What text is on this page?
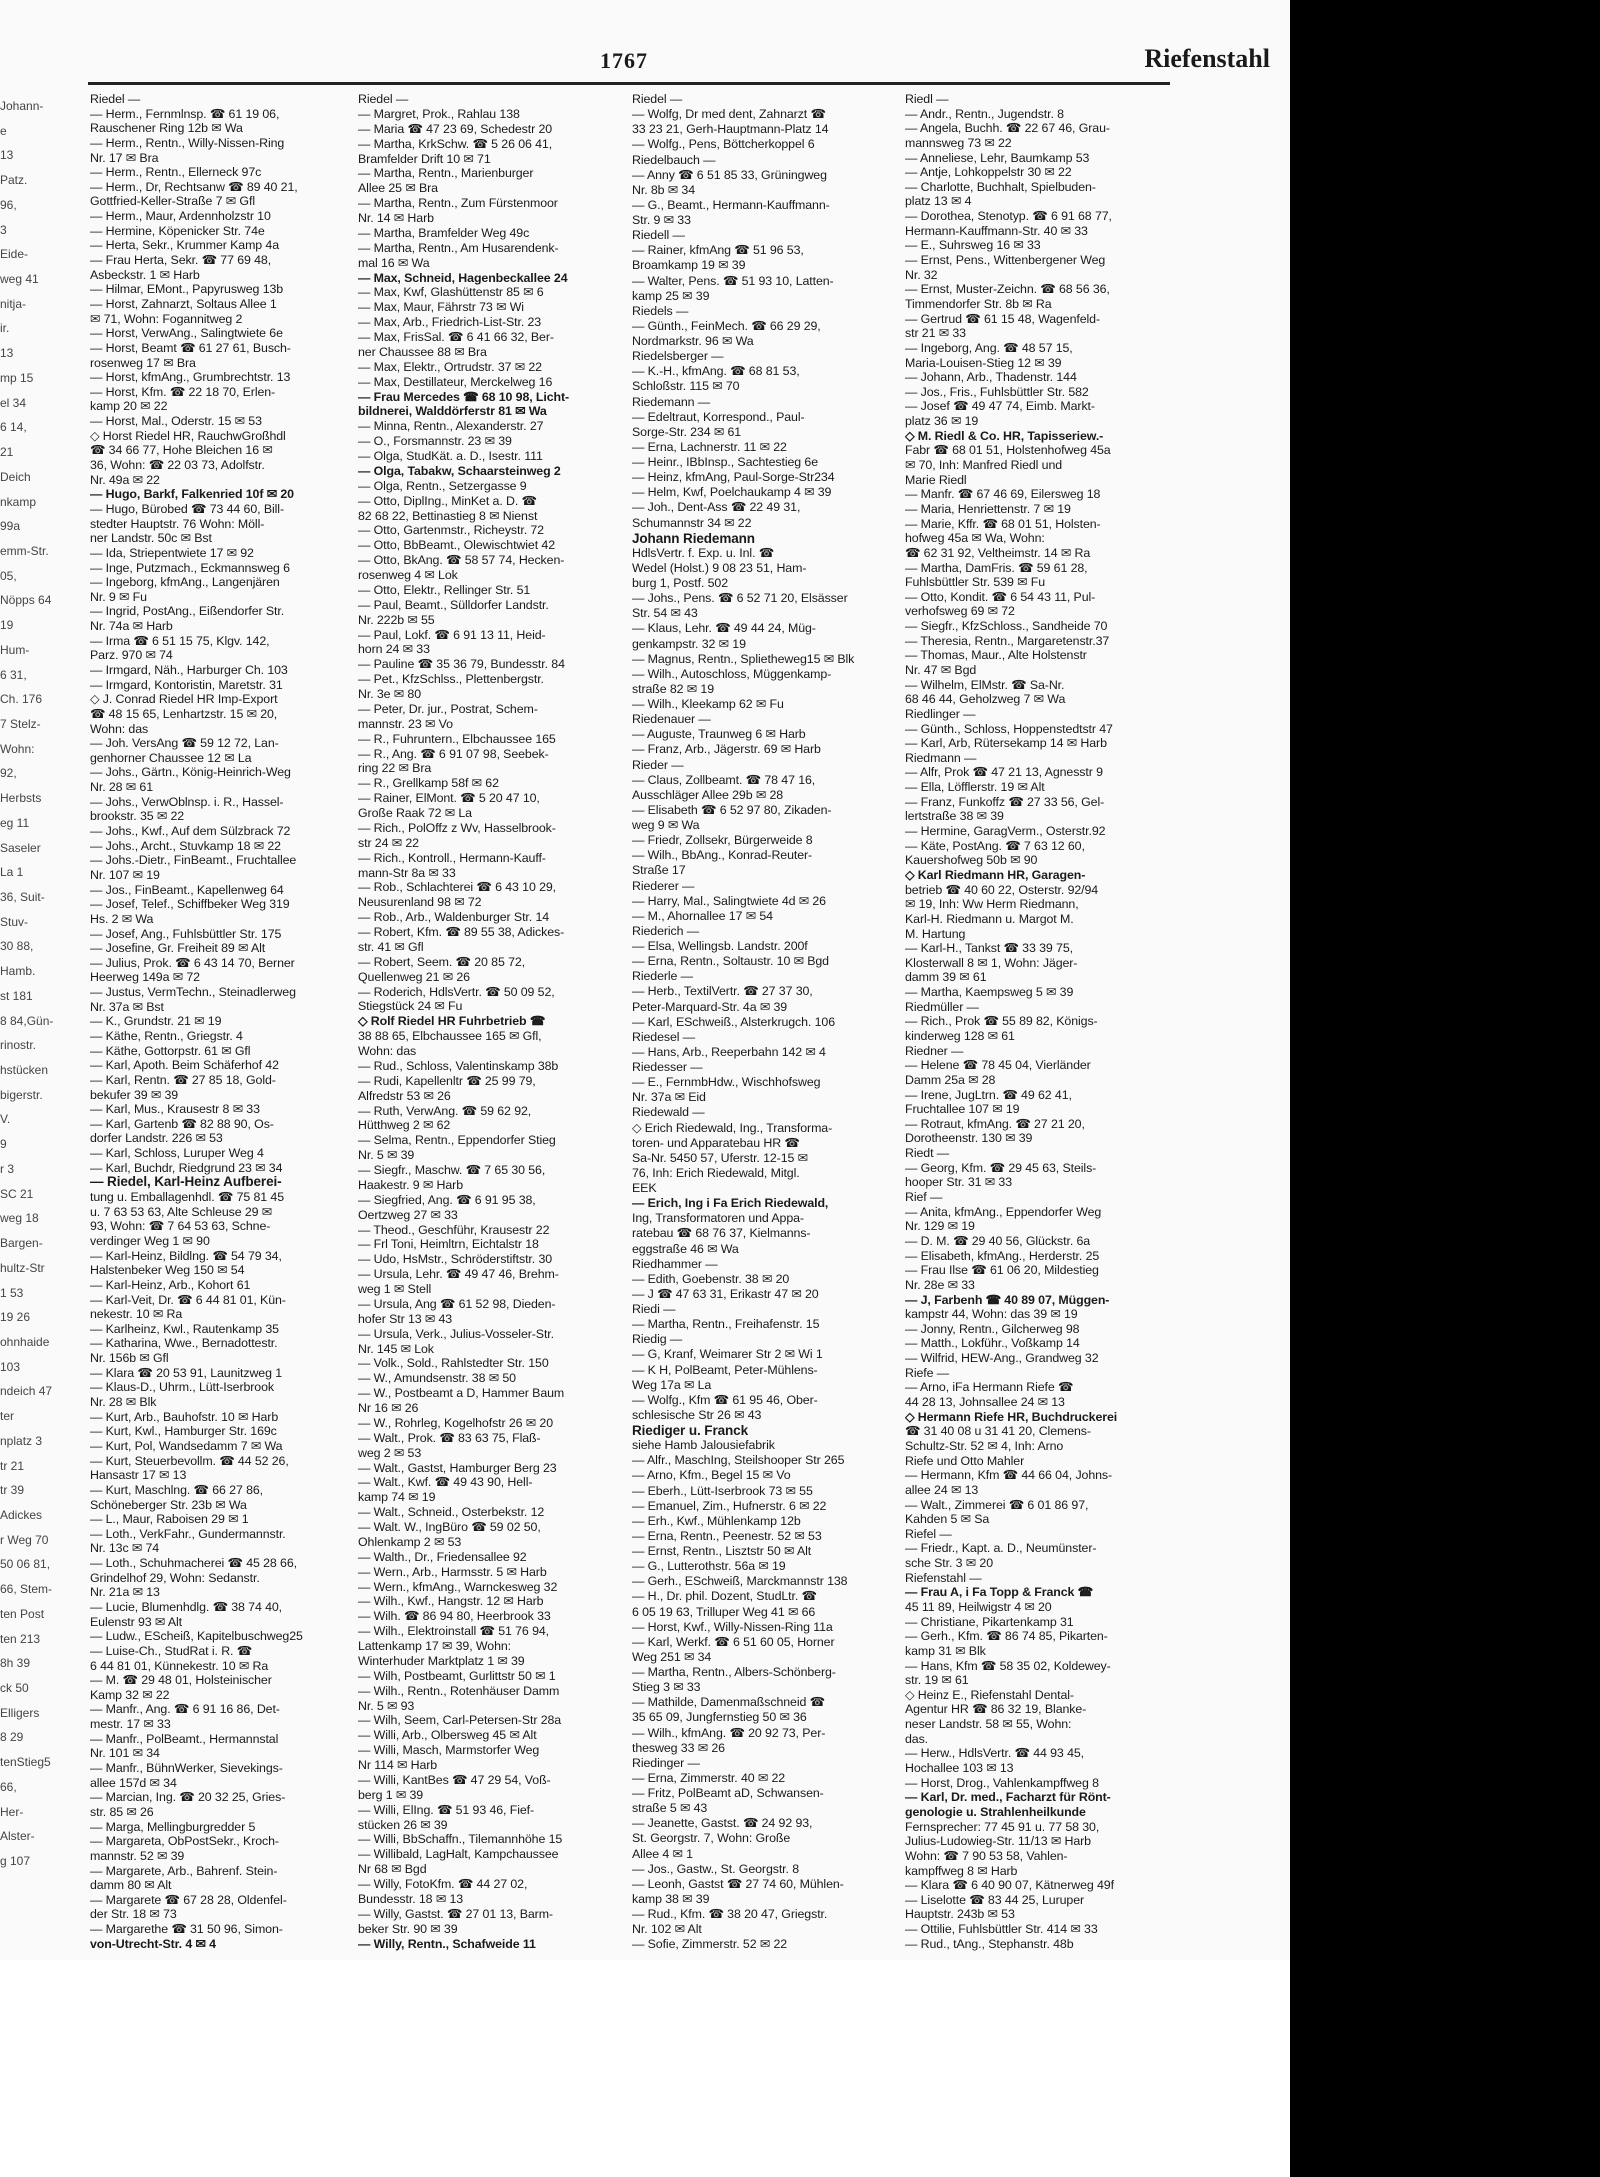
1767	Riefenstahl
Johann-
e
13
Patz.
96,
3
Eide-
weg 41
nitja-
ir.
13
mp 15
el 34
6 14,
21
Deich
nkamp
99a
emm-Str.
05,
Nöpps 64
19
Hum-
6 31,
Ch. 176
7 Stelz-
Wohn:
92,
Herbsts
eg 11
Saseler
La 1
36, Suit-
Stuv-
30 88,
Hamb.
st 181
8 84,Gün-
rinostr.
hstücken
bigerstr.
V.
9
r 3
SC 21
weg 18
Bargen-
hultz-Str
1 53
19 26
ohnhaide
103
ndeich 47
ter
nplatz 3
tr 21
tr 39
Adickes
r Weg 70
50 06 81,
66, Stem-
ten Post
ten 213
8h 39
ck 50
Elligers
8 29
tenStieg5
66,
Her-
Alster-
g 107
Riedel —
— Herm., Fernmlnsp. ☎ 61 19 06,
Rauschener Ring 12b ✉ Wa
— Herm., Rentn., Willy-Nissen-Ring
Nr. 17 ✉ Bra
— Herm., Rentn., Ellerneck 97c
— Herm., Dr, Rechtsanw ☎ 89 40 21,
Gottfried-Keller-Straße 7 ✉ Gfl
— Herm., Maur, Ardennholzstr 10
— Hermine, Köpenicker Str. 74e
— Herta, Sekr., Krummer Kamp 4a
— Frau Herta, Sekr. ☎ 77 69 48,
Asbeckstr. 1 ✉ Harb
— Hilmar, EMont., Papyrusweg 13b
— Horst, Zahnarzt, Soltaus Allee 1
✉ 71, Wohn: Fogannitweg 2
— Horst, VerwAng., Salingtwiete 6e
— Horst, Beamt ☎ 61 27 61, Busch-
rosenweg 17 ✉ Bra
— Horst, kfmAng., Grumbrechtstr. 13
— Horst, Kfm. ☎ 22 18 70, Erlen-
kamp 20 ✉ 22
— Horst, Mal., Oderstr. 15 ✉ 53
◇ Horst Riedel HR, RauchwGroßhdl
☎ 34 66 77, Hohe Bleichen 16 ✉
36, Wohn: ☎ 22 03 73, Adolfstr.
Nr. 49a ✉ 22
— Hugo, Barkf, Falkenried 10f ✉ 20
— Hugo, Bürobed ☎ 73 44 60, Bill-
stedter Hauptstr. 76 Wohn: Möll-
ner Landstr. 50c ✉ Bst
— Ida, Striepentwiete 17 ✉ 92
— Inge, Putzmach., Eckmannsweg 6
— Ingeborg, kfmAng., Langenjären
Nr. 9 ✉ Fu
— Ingrid, PostAng., Eißendorfer Str.
Nr. 74a ✉ Harb
— Irma ☎ 6 51 15 75, Klgv. 142,
Parz. 970 ✉ 74
— Irmgard, Näh., Harburger Ch. 103
— Irmgard, Kontoristin, Maretstr. 31
◇ J. Conrad Riedel HR Imp-Export
☎ 48 15 65, Lenhartzstr. 15 ✉ 20,
Wohn: das
— Joh. VersAng ☎ 59 12 72, Lan-
genhorner Chaussee 12 ✉ La
— Johs., Gärtn., König-Heinrich-Weg
Nr. 28 ✉ 61
— Johs., VerwOblnsp. i. R., Hassel-
brookstr. 35 ✉ 22
— Johs., Kwf., Auf dem Sülzbrack 72
— Johs., Archt., Stuvkamp 18 ✉ 22
— Johs.-Dietr., FinBeamt., Fruchtallee
Nr. 107 ✉ 19
— Jos., FinBeamt., Kapellenweg 64
— Josef, Telef., Schiffbeker Weg 319
Hs. 2 ✉ Wa
— Josef, Ang., Fuhlsbüttler Str. 175
— Josefine, Gr. Freiheit 89 ✉ Alt
— Julius, Prok. ☎ 6 43 14 70, Berner
Heerweg 149a ✉ 72
— Justus, VermTechn., Steinadlerweg
Nr. 37a ✉ Bst
— K., Grundstr. 21 ✉ 19
— Käthe, Rentn., Griegstr. 4
— Käthe, Gottorpstr. 61 ✉ Gfl
— Karl, Apoth. Beim Schäferhof 42
— Karl, Rentn. ☎ 27 85 18, Gold-
bekufer 39 ✉ 39
— Karl, Mus., Krausestr 8 ✉ 33
— Karl, Gartenb ☎ 82 88 90, Os-
dorfer Landstr. 226 ✉ 53
— Karl, Schloss, Luruper Weg 4
— Karl, Buchdr, Riedgrund 23 ✉ 34
— Riedel, Karl-Heinz Aufberei-
tung u. Emballagenhdl. ☎ 75 81 45
u. 7 63 53 63, Alte Schleuse 29 ✉
93, Wohn: ☎ 7 64 53 63, Schne-
verdinger Weg 1 ✉ 90
— Karl-Heinz, Bildlng. ☎ 54 79 34,
Halstenbeker Weg 150 ✉ 54
— Karl-Heinz, Arb., Kohort 61
— Karl-Veit, Dr. ☎ 6 44 81 01, Kün-
nekestr. 10 ✉ Ra
— Karlheinz, Kwl., Rautenkamp 35
— Katharina, Wwe., Bernadottestr.
Nr. 156b ✉ Gfl
— Klara ☎ 20 53 91, Launitzweg 1
— Klaus-D., Uhrm., Lütt-Iserbrook
Nr. 28 ✉ Blk
— Kurt, Arb., Bauhofstr. 10 ✉ Harb
— Kurt, Kwl., Hamburger Str. 169c
— Kurt, Pol, Wandsedamm 7 ✉ Wa
— Kurt, Steuerbevollm. ☎ 44 52 26,
Hansastr 17 ✉ 13
— Kurt, Maschlng. ☎ 66 27 86,
Schöneberger Str. 23b ✉ Wa
— L., Maur, Raboisen 29 ✉ 1
— Loth., VerkFahr., Gundermannstr.
Nr. 13c ✉ 74
— Loth., Schuhmacherei ☎ 45 28 66,
Grindelhof 29, Wohn: Sedanstr.
Nr. 21a ✉ 13
— Lucie, Blumenhdlg. ☎ 38 74 40,
Eulenstr 93 ✉ Alt
— Ludw., EScheiß, Kapitelbuschweg25
— Luise-Ch., StudRat i. R. ☎
6 44 81 01, Künnekestr. 10 ✉ Ra
— M. ☎ 29 48 01, Holsteinischer
Kamp 32 ✉ 22
— Manfr., Ang. ☎ 6 91 16 86, Det-
mestr. 17 ✉ 33
— Manfr., PolBeamt., Hermannstal
Nr. 101 ✉ 34
— Manfr., BühnWerker, Sievekings-
allee 157d ✉ 34
— Marcian, Ing. ☎ 20 32 25, Gries-
str. 85 ✉ 26
— Marga, Mellingburgredder 5
— Margareta, ObPostSekr., Kroch-
mannstr. 52 ✉ 39
— Margarete, Arb., Bahrenf. Stein-
damm 80 ✉ Alt
— Margarete ☎ 67 28 28, Oldenfel-
der Str. 18 ✉ 73
— Margarethe ☎ 31 50 96, Simon-
von-Utrecht-Str. 4 ✉ 4
Riedel —
— Margret, Prok., Rahlau 138
— Maria ☎ 47 23 69, Schedestr 20
— Martha, KrkSchw. ☎ 5 26 06 41,
Bramfelder Drift 10 ✉ 71
— Martha, Rentn., Marienburger
Allee 25 ✉ Bra
— Martha, Rentn., Zum Fürstenmoor
Nr. 14 ✉ Harb
— Martha, Bramfelder Weg 49c
— Martha, Rentn., Am Husarendenk-
mal 16 ✉ Wa
— Max, Schneid, Hagenbeckallee 24
— Max, Kwf, Glashüttenstr 85 ✉ 6
— Max, Maur, Fährstr 73 ✉ Wi
— Max, Arb., Friedrich-List-Str. 23
— Max, FrisSal. ☎ 6 41 66 32, Ber-
ner Chaussee 88 ✉ Bra
— Max, Elektr., Ortrudstr. 37 ✉ 22
— Max, Destillateur, Merckelweg 16
— Frau Mercedes ☎ 68 10 98, Licht-
bildnerei, Walddörferstr 81 ✉ Wa
— Minna, Rentn., Alexanderstr. 27
— O., Forsmannstr. 23 ✉ 39
— Olga, StudKät. a. D., Isestr. 111
— Olga, Tabakw, Schaarsteinweg 2
— Olga, Rentn., Setzergasse 9
— Otto, DiplIng., MinKet a. D. ☎
82 68 22, Bettinastieg 8 ✉ Nienst
— Otto, Gartenmstr., Richeystr. 72
— Otto, BbBeamt., Olewischtwiet 42
— Otto, BkAng. ☎ 58 57 74, Hecken-
rosenweg 4 ✉ Lok
— Otto, Elektr., Rellinger Str. 51
— Paul, Beamt., Sülldorfer Landstr.
Nr. 222b ✉ 55
— Paul, Lokf. ☎ 6 91 13 11, Heid-
horn 24 ✉ 33
— Pauline ☎ 35 36 79, Bundesstr. 84
— Pet., KfzSchlss., Plettenbergstr.
Nr. 3e ✉ 80
— Peter, Dr. jur., Postrat, Schem-
mannstr. 23 ✉ Vo
— R., Fuhruntern., Elbchaussee 165
— R., Ang. ☎ 6 91 07 98, Seebek-
ring 22 ✉ Bra
— R., Grellkamp 58f ✉ 62
— Rainer, ElMont. ☎ 5 20 47 10,
Große Raak 72 ✉ La
— Rich., PolOffz z Wv, Hasselbrook-
str 24 ✉ 22
— Rich., Kontroll., Hermann-Kauff-
mann-Str 8a ✉ 33
— Rob., Schlachterei ☎ 6 43 10 29,
Neusurenland 98 ✉ 72
— Rob., Arb., Waldenburger Str. 14
— Robert, Kfm. ☎ 89 55 38, Adickes-
str. 41 ✉ Gfl
— Robert, Seem. ☎ 20 85 72,
Quellenweg 21 ✉ 26
— Roderich, HdlsVertr. ☎ 50 09 52,
Stiegstück 24 ✉ Fu
◇ Rolf Riedel HR Fuhrbetrieb ☎
38 88 65, Elbchaussee 165 ✉ Gfl,
Wohn: das
— Rud., Schloss, Valentinskamp 38b
— Rudi, Kapellenltr ☎ 25 99 79,
Alfredstr 53 ✉ 26
— Ruth, VerwAng. ☎ 59 62 92,
Hütthweg 2 ✉ 62
— Selma, Rentn., Eppendorfer Stieg
Nr. 5 ✉ 39
— Siegfr., Maschw. ☎ 7 65 30 56,
Haakestr. 9 ✉ Harb
— Siegfried, Ang. ☎ 6 91 95 38,
Oertzweg 27 ✉ 33
— Theod., Geschführ, Krausestr 22
— Frl Toni, Heimltrn, Eichtalstr 18
— Udo, HsMstr., Schröderstiftstr. 30
— Ursula, Lehr. ☎ 49 47 46, Brehm-
weg 1 ✉ Stell
— Ursula, Ang ☎ 61 52 98, Dieden-
hofer Str 13 ✉ 43
— Ursula, Verk., Julius-Vosseler-Str.
Nr. 145 ✉ Lok
— Volk., Sold., Rahlstedter Str. 150
— W., Amundsenstr. 38 ✉ 50
— W., Postbeamt a D, Hammer Baum
Nr 16 ✉ 26
— W., Rohrleg, Kogelhofstr 26 ✉ 20
— Walt., Prok. ☎ 83 63 75, Flaß-
weg 2 ✉ 53
— Walt., Gastst, Hamburger Berg 23
— Walt., Kwf. ☎ 49 43 90, Hell-
kamp 74 ✉ 19
— Walt., Schneid., Osterbekstr. 12
— Walt. W., IngBüro ☎ 59 02 50,
Ohlenkamp 2 ✉ 53
— Walth., Dr., Friedensallee 92
— Wern., Arb., Harmsstr. 5 ✉ Harb
— Wern., kfmAng., Warnckesweg 32
— Wilh., Kwf., Hangstr. 12 ✉ Harb
— Wilh. ☎ 86 94 80, Heerbrook 33
— Wilh., Elektroinstall ☎ 51 76 94,
Lattenkamp 17 ✉ 39, Wohn:
Winterhuder Marktplatz 1 ✉ 39
— Wilh, Postbeamt, Gurlittstr 50 ✉ 1
— Wilh., Rentn., Rotenhäuser Damm
Nr. 5 ✉ 93
— Wilh, Seem, Carl-Petersen-Str 28a
— Willi, Arb., Olbersweg 45 ✉ Alt
— Willi, Masch, Marmstorfer Weg
Nr 114 ✉ Harb
— Willi, KantBes ☎ 47 29 54, Voß-
berg 1 ✉ 39
— Willi, ElIng. ☎ 51 93 46, Fief-
stücken 26 ✉ 39
— Willi, BbSchaffn., Tilemannhöhe 15
— Willibald, LagHalt, Kampchaussee
Nr 68 ✉ Bgd
— Willy, FotoKfm. ☎ 44 27 02,
Bundesstr. 18 ✉ 13
— Willy, Gastst. ☎ 27 01 13, Barm-
beker Str. 90 ✉ 39
— Willy, Rentn., Schafweide 11
Riedel —
— Wolfg, Dr med dent, Zahnarzt ☎
33 23 21, Gerh-Hauptmann-Platz 14
— Wolfg., Pens, Böttcherkoppel 6
Riedelbauch —
— Anny ☎ 6 51 85 33, Grüningweg
Nr. 8b ✉ 34
— G., Beamt., Hermann-Kauffmann-
Str. 9 ✉ 33
Riedell —
— Rainer, kfmAng ☎ 51 96 53,
Broamkamp 19 ✉ 39
— Walter, Pens. ☎ 51 93 10, Latten-
kamp 25 ✉ 39
Riedels —
— Günth., FeinMech. ☎ 66 29 29,
Nordmarkstr. 96 ✉ Wa
Riedelsberger —
— K.-H., kfmAng. ☎ 68 81 53,
Schloßstr. 115 ✉ 70
Riedemann —
— Edeltraut, Korrespond., Paul-
Sorge-Str. 234 ✉ 61
— Erna, Lachnerstr. 11 ✉ 22
— Heinr., IBbInsp., Sachtestieg 6e
— Heinz, kfmAng, Paul-Sorge-Str234
— Helm, Kwf, Poelchaukamp 4 ✉ 39
— Joh., Dent-Ass ☎ 22 49 31,
Schumannstr 34 ✉ 22
Johann Riedemann
HdlsVertr. f. Exp. u. Inl. ☎
Wedel (Holst.) 9 08 23 51, Ham-
burg 1, Postf. 502
— Johs., Pens. ☎ 6 52 71 20, Elsässer
Str. 54 ✉ 43
— Klaus, Lehr. ☎ 49 44 24, Müg-
genkampstr. 32 ✉ 19
— Magnus, Rentn., Splietheweg15 ✉ Blk
— Wilh., Autoschloss, Müggenkamp-
straße 82 ✉ 19
— Wilh., Kleekamp 62 ✉ Fu
Riedenauer —
— Auguste, Traunweg 6 ✉ Harb
— Franz, Arb., Jägerstr. 69 ✉ Harb
Rieder —
— Claus, Zollbeamt. ☎ 78 47 16,
Ausschläger Allee 29b ✉ 28
— Elisabeth ☎ 6 52 97 80, Zikaden-
weg 9 ✉ Wa
— Friedr, Zollsekr, Bürgerweide 8
— Wilh., BbAng., Konrad-Reuter-
Straße 17
Riederer —
— Harry, Mal., Salingtwiete 4d ✉ 26
— M., Ahornallee 17 ✉ 54
Riederich —
— Elsa, Wellingsb. Landstr. 200f
— Erna, Rentn., Soltaustr. 10 ✉ Bgd
Riederle —
— Herb., TextilVertr. ☎ 27 37 30,
Peter-Marquard-Str. 4a ✉ 39
— Karl, ESchweiß., Alsterkrugch. 106
Riedesel —
— Hans, Arb., Reeperbahn 142 ✉ 4
Riedesser —
— E., FernmbHdw., Wischhofsweg
Nr. 37a ✉ Eid
Riedewald —
◇ Erich Riedewald, Ing., Transforma-
toren- und Apparatebau HR ☎
Sa-Nr. 5450 57, Uferstr. 12-15 ✉
76, Inh: Erich Riedewald, Mitgl.
EEK
— Erich, Ing i Fa Erich Riedewald,
Ing, Transformatoren und Appa-
ratebau ☎ 68 76 37, Kielmanns-
eggstraße 46 ✉ Wa
Riedhammer —
— Edith, Goebenstr. 38 ✉ 20
— J ☎ 47 63 31, Erikastr 47 ✉ 20
Riedi —
— Martha, Rentn., Freihafenstr. 15
Riedig —
— G, Kranf, Weimarer Str 2 ✉ Wi 1
— K H, PolBeamt, Peter-Mühlens-
Weg 17a ✉ La
— Wolfg., Kfm ☎ 61 95 46, Ober-
schlesische Str 26 ✉ 43
Riediger u. Franck
siehe Hamb Jalousiefabrik
— Alfr., MaschIng, Steilshooper Str 265
— Arno, Kfm., Begel 15 ✉ Vo
— Eberh., Lütt-Iserbrook 73 ✉ 55
— Emanuel, Zim., Hufnerstr. 6 ✉ 22
— Erh., Kwf., Mühlenkamp 12b
— Erna, Rentn., Peenestr. 52 ✉ 53
— Ernst, Rentn., Lisztstr 50 ✉ Alt
— G., Lutterothstr. 56a ✉ 19
— Gerh., ESchweiß, Marckmannstr 138
— H., Dr. phil. Dozent, StudLtr. ☎
6 05 19 63, Trilluper Weg 41 ✉ 66
— Horst, Kwf., Willy-Nissen-Ring 11a
— Karl, Werkf. ☎ 6 51 60 05, Horner
Weg 251 ✉ 34
— Martha, Rentn., Albers-Schönberg-
Stieg 3 ✉ 33
— Mathilde, Damenmaßschneid ☎
35 65 09, Jungfernstieg 50 ✉ 36
— Wilh., kfmAng. ☎ 20 92 73, Per-
thesweg 33 ✉ 26
Riedinger —
— Erna, Zimmerstr. 40 ✉ 22
— Fritz, PolBeamt aD, Schwansen-
straße 5 ✉ 43
— Jeanette, Gastst. ☎ 24 92 93,
St. Georgstr. 7, Wohn: Große
Allee 4 ✉ 1
— Jos., Gastw., St. Georgstr. 8
— Leonh, Gastst ☎ 27 74 60, Mühlen-
kamp 38 ✉ 39
— Rud., Kfm. ☎ 38 20 47, Griegstr.
Nr. 102 ✉ Alt
— Sofie, Zimmerstr. 52 ✉ 22
Riedl —
— Andr., Rentn., Jugendstr. 8
— Angela, Buchh. ☎ 22 67 46, Grau-
mannsweg 73 ✉ 22
— Anneliese, Lehr, Baumkamp 53
— Antje, Lohkoppelstr 30 ✉ 22
— Charlotte, Buchhalt, Spielbuden-
platz 13 ✉ 4
— Dorothea, Stenotyp. ☎ 6 91 68 77,
Hermann-Kauffmann-Str. 40 ✉ 33
— E., Suhrsweg 16 ✉ 33
— Ernst, Pens., Wittenbergener Weg
Nr. 32
— Ernst, Muster-Zeichn. ☎ 68 56 36,
Timmendorfer Str. 8b ✉ Ra
— Gertrud ☎ 61 15 48, Wagenfeld-
str 21 ✉ 33
— Ingeborg, Ang. ☎ 48 57 15,
Maria-Louisen-Stieg 12 ✉ 39
— Johann, Arb., Thadenstr. 144
— Jos., Fris., Fuhlsbüttler Str. 582
— Josef ☎ 49 47 74, Eimb. Markt-
platz 36 ✉ 19
◇ M. Riedl & Co. HR, Tapisseriew.-
Fabr ☎ 68 01 51, Holstenhofweg 45a
✉ 70, Inh: Manfred Riedl und
Marie Riedl
— Manfr. ☎ 67 46 69, Eilersweg 18
— Maria, Henriettenstr. 7 ✉ 19
— Marie, Kffr. ☎ 68 01 51, Holsten-
hofweg 45a ✉ Wa, Wohn:
☎ 62 31 92, Veltheimstr. 14 ✉ Ra
— Martha, DamFris. ☎ 59 61 28,
Fuhlsbüttler Str. 539 ✉ Fu
— Otto, Kondit. ☎ 6 54 43 11, Pul-
verhofsweg 69 ✉ 72
— Siegfr., KfzSchloss., Sandheide 70
— Theresia, Rentn., Margaretenstr.37
— Thomas, Maur., Alte Holstenstr
Nr. 47 ✉ Bgd
— Wilhelm, ElMstr. ☎ Sa-Nr.
68 46 44, Geholzweg 7 ✉ Wa
Riedlinger —
— Günth., Schloss, Hoppenstedtstr 47
— Karl, Arb, Rütersekamp 14 ✉ Harb
Riedmann —
— Alfr, Prok ☎ 47 21 13, Agnesstr 9
— Ella, Löfflerstr. 19 ✉ Alt
— Franz, Funkoffz ☎ 27 33 56, Gel-
lertstraße 38 ✉ 39
— Hermine, GaragVerm., Osterstr.92
— Käte, PostAng. ☎ 7 63 12 60,
Kauershofweg 50b ✉ 90
◇ Karl Riedmann HR, Garagen-
betrieb ☎ 40 60 22, Osterstr. 92/94
✉ 19, Inh: Ww Herm Riedmann,
Karl-H. Riedmann u. Margot M.
M. Hartung
— Karl-H., Tankst ☎ 33 39 75,
Klosterwall 8 ✉ 1, Wohn: Jäger-
damm 39 ✉ 61
— Martha, Kaempsweg 5 ✉ 39
Riedmüller —
— Rich., Prok ☎ 55 89 82, Königs-
kinderweg 128 ✉ 61
Riedner —
— Helene ☎ 78 45 04, Vierländer
Damm 25a ✉ 28
— Irene, JugLtrn. ☎ 49 62 41,
Fruchtallee 107 ✉ 19
— Rotraut, kfmAng. ☎ 27 21 20,
Dorotheenstr. 130 ✉ 39
Riedt —
— Georg, Kfm. ☎ 29 45 63, Steils-
hooper Str. 31 ✉ 33
Rief —
— Anita, kfmAng., Eppendorfer Weg
Nr. 129 ✉ 19
— D. M. ☎ 29 40 56, Glückstr. 6a
— Elisabeth, kfmAng., Herderstr. 25
— Frau Ilse ☎ 61 06 20, Mildestieg
Nr. 28e ✉ 33
— J, Farbenh ☎ 40 89 07, Müggen-
kampstr 44, Wohn: das 39 ✉ 19
— Jonny, Rentn., Gilcherweg 98
— Matth., Lokführ., Voßkamp 14
— Wilfrid, HEW-Ang., Grandweg 32
Riefe —
— Arno, iFa Hermann Riefe ☎
44 28 13, Johnsallee 24 ✉ 13
◇ Hermann Riefe HR, Buchdruckerei
☎ 31 40 08 u 31 41 20, Clemens-
Schultz-Str. 52 ✉ 4, Inh: Arno
Riefe und Otto Mahler
— Hermann, Kfm ☎ 44 66 04, Johns-
allee 24 ✉ 13
— Walt., Zimmerei ☎ 6 01 86 97,
Kahden 5 ✉ Sa
Riefel —
— Friedr., Kapt. a. D., Neumünster-
sche Str. 3 ✉ 20
Riefenstahl —
— Frau A, i Fa Topp & Franck ☎
45 11 89, Heilwigstr 4 ✉ 20
— Christiane, Pikartenkamp 31
— Gerh., Kfm. ☎ 86 74 85, Pikarten-
kamp 31 ✉ Blk
— Hans, Kfm ☎ 58 35 02, Koldewey-
str. 19 ✉ 61
◇ Heinz E., Riefenstahl Dental-
Agentur HR ☎ 86 32 19, Blanke-
neser Landstr. 58 ✉ 55, Wohn:
das.
— Herw., HdlsVertr. ☎ 44 93 45,
Hochallee 103 ✉ 13
— Horst, Drog., Vahlenkampffweg 8
— Karl, Dr. med., Facharzt für Rönt-
genologie u. Strahlenheilkunde
Fernsprecher: 77 45 91 u. 77 58 30,
Julius-Ludowieg-Str. 11/13 ✉ Harb
Wohn: ☎ 7 90 53 58, Vahlen-
kampffweg 8 ✉ Harb
— Klara ☎ 6 40 90 07, Kätnerweg 49f
— Liselotte ☎ 83 44 25, Luruper
Hauptstr. 243b ✉ 53
— Ottilie, Fuhlsbüttler Str. 414 ✉ 33
— Rud., tAng., Stephanstr. 48b
